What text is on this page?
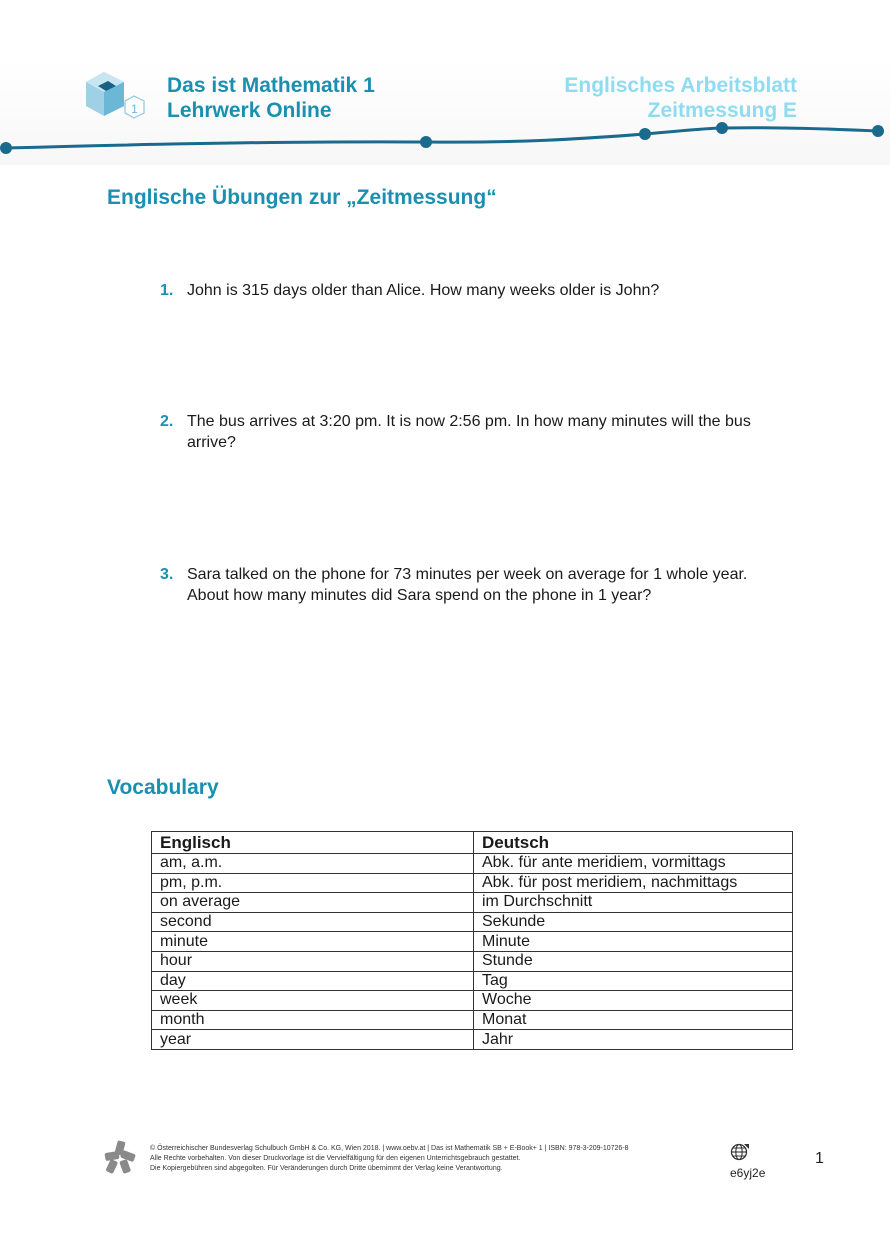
1
Das ist Mathematik 1
Lehrwerk Online
Englisches Arbeitsblatt
Zeitmessung E
Englische Übungen zur „Zeitmessung“
1. John is 315 days older than Alice. How many weeks older is John?
2. The bus arrives at 3:20 pm. It is now 2:56 pm. In how many minutes will the bus arrive?
3. Sara talked on the phone for 73 minutes per week on average for 1 whole year. About how many minutes did Sara spend on the phone in 1 year?
Vocabulary
Englisch	Deutsch
am, a.m.	Abk. für ante meridiem, vormittags
pm, p.m.	Abk. für post meridiem, nachmittags
on average	im Durchschnitt
second	Sekunde
minute	Minute
hour	Stunde
day	Tag
week	Woche
month	Monat
year	Jahr
© Österreichischer Bundesverlag Schulbuch GmbH & Co. KG, Wien 2018. | www.oebv.at | Das ist Mathematik SB + E-Book+ 1 | ISBN: 978-3-209-10726-8
Alle Rechte vorbehalten. Von dieser Druckvorlage ist die Vervielfältigung für den eigenen Unterrichtsgebrauch gestattet.
Die Kopiergebühren sind abgegolten. Für Veränderungen durch Dritte übernimmt der Verlag keine Verantwortung.	e6yj2e
1
